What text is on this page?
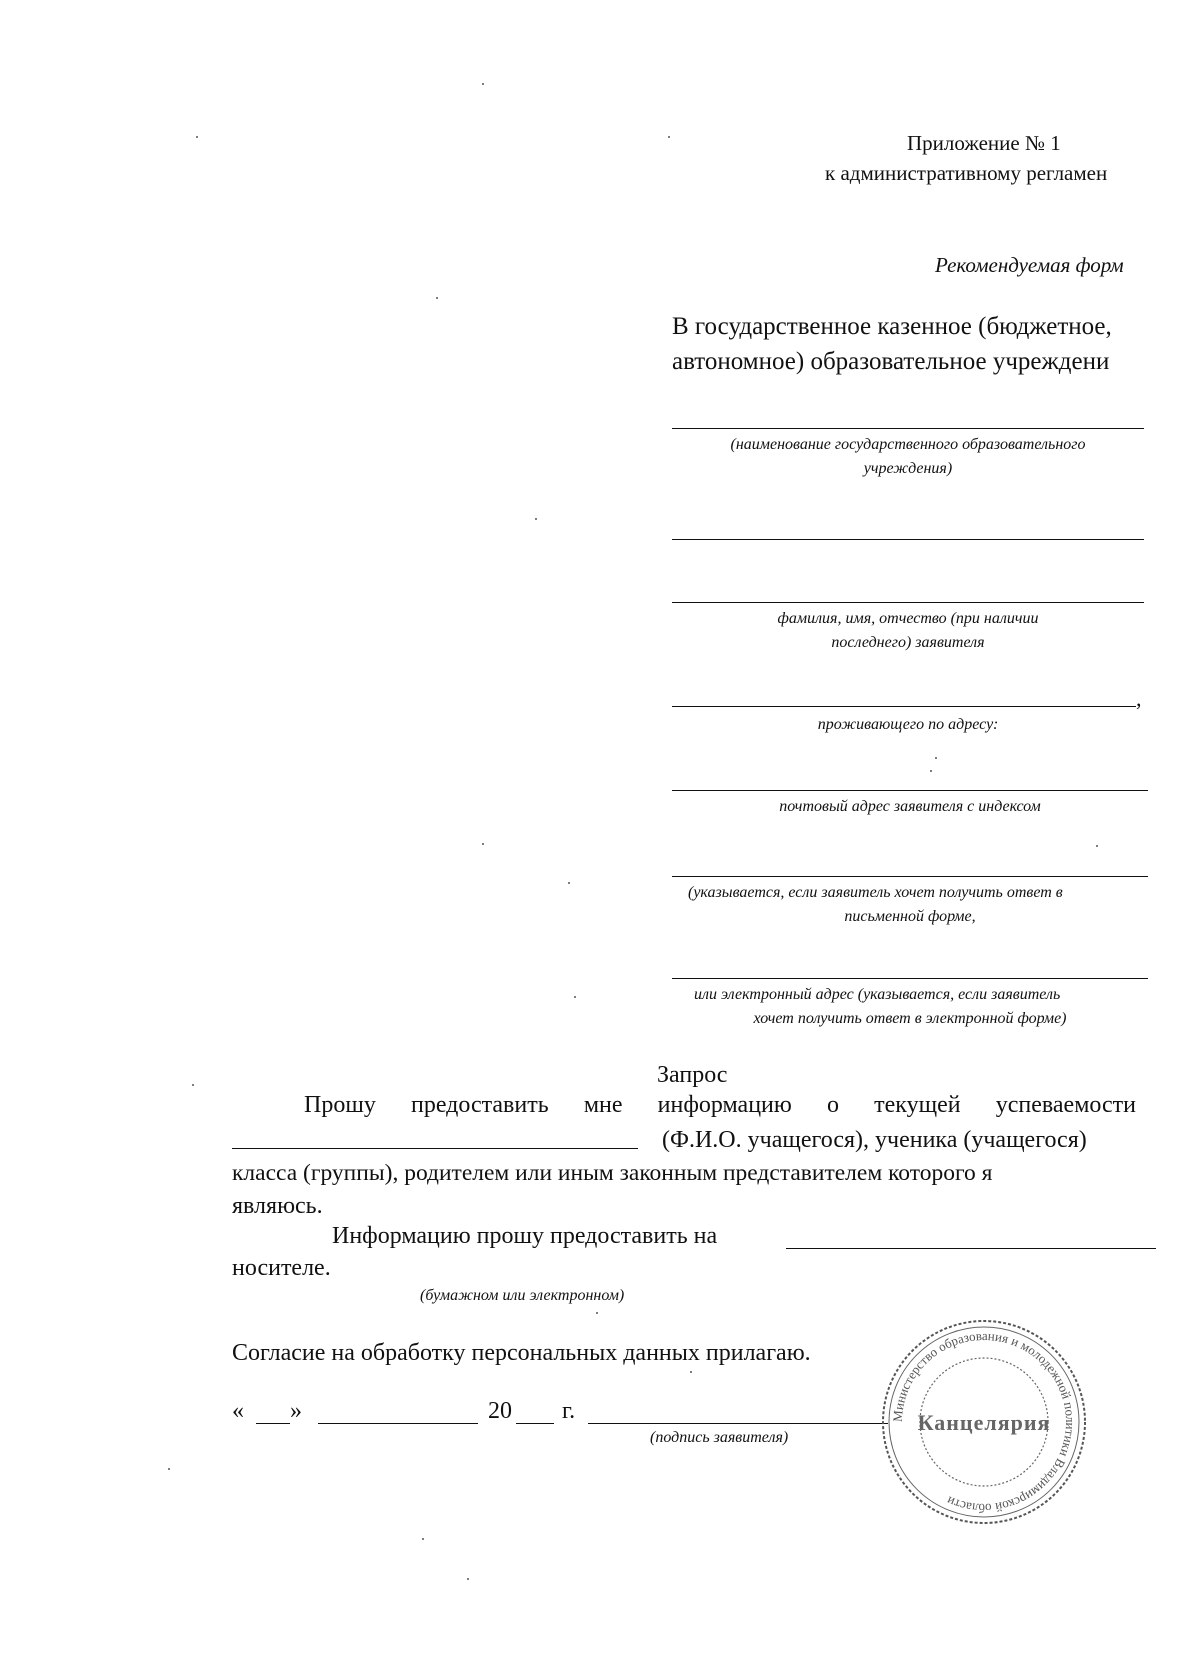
Приложение № 1
к административному регламен
Рекомендуемая форм
В государственное казенное (бюджетное,
автономное) образовательное учреждени
(наименование государственного образовательного
учреждения)
фамилия, имя, отчество (при наличии
последнего) заявителя
,
проживающего по адресу:
почтовый адрес заявителя с индексом
(указывается, если заявитель хочет получить ответ в
письменной форме,
или электронный адрес (указывается, если заявитель
хочет получить ответ в электронной форме)
Запрос
Прошу предоставить мне информацию о текущей успеваемости
(Ф.И.О. учащегося), ученика (учащегося)
класса (группы), родителем или иным законным представителем которого я
являюсь.
Информацию прошу предоставить на
носителе.
(бумажном или электронном)
Согласие на обработку персональных данных прилагаю.
« »	20 г.
(подпись заявителя)
Министерство образования и молодежной политики Владимирской области
Канцелярия
